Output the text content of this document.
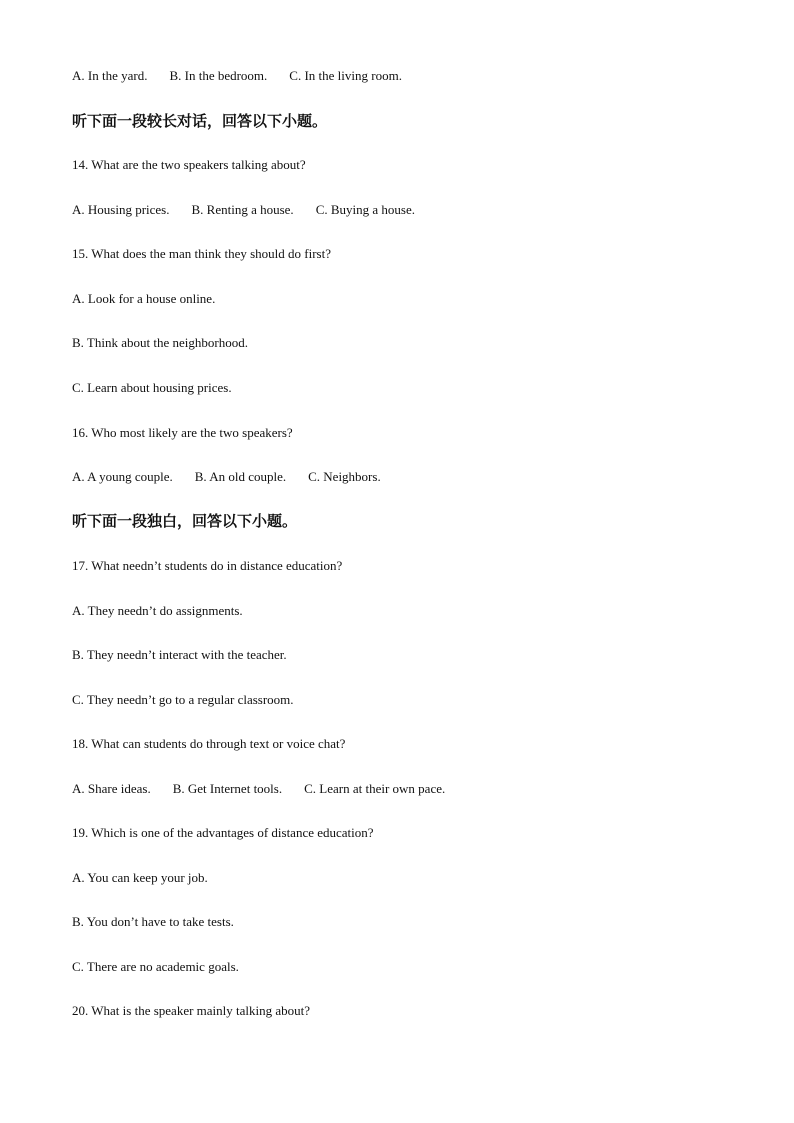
A. In the yard. B. In the bedroom. C. In the living room.
听下面一段较长对话，回答以下小题。
14. What are the two speakers talking about?
A. Housing prices. B. Renting a house. C. Buying a house.
15. What does the man think they should do first?
A. Look for a house online.
B. Think about the neighborhood.
C. Learn about housing prices.
16. Who most likely are the two speakers?
A. A young couple. B. An old couple. C. Neighbors.
听下面一段独白，回答以下小题。
17. What needn’t students do in distance education?
A. They needn’t do assignments.
B. They needn’t interact with the teacher.
C. They needn’t go to a regular classroom.
18. What can students do through text or voice chat?
A. Share ideas. B. Get Internet tools. C. Learn at their own pace.
19. Which is one of the advantages of distance education?
A. You can keep your job.
B. You don’t have to take tests.
C. There are no academic goals.
20. What is the speaker mainly talking about?
